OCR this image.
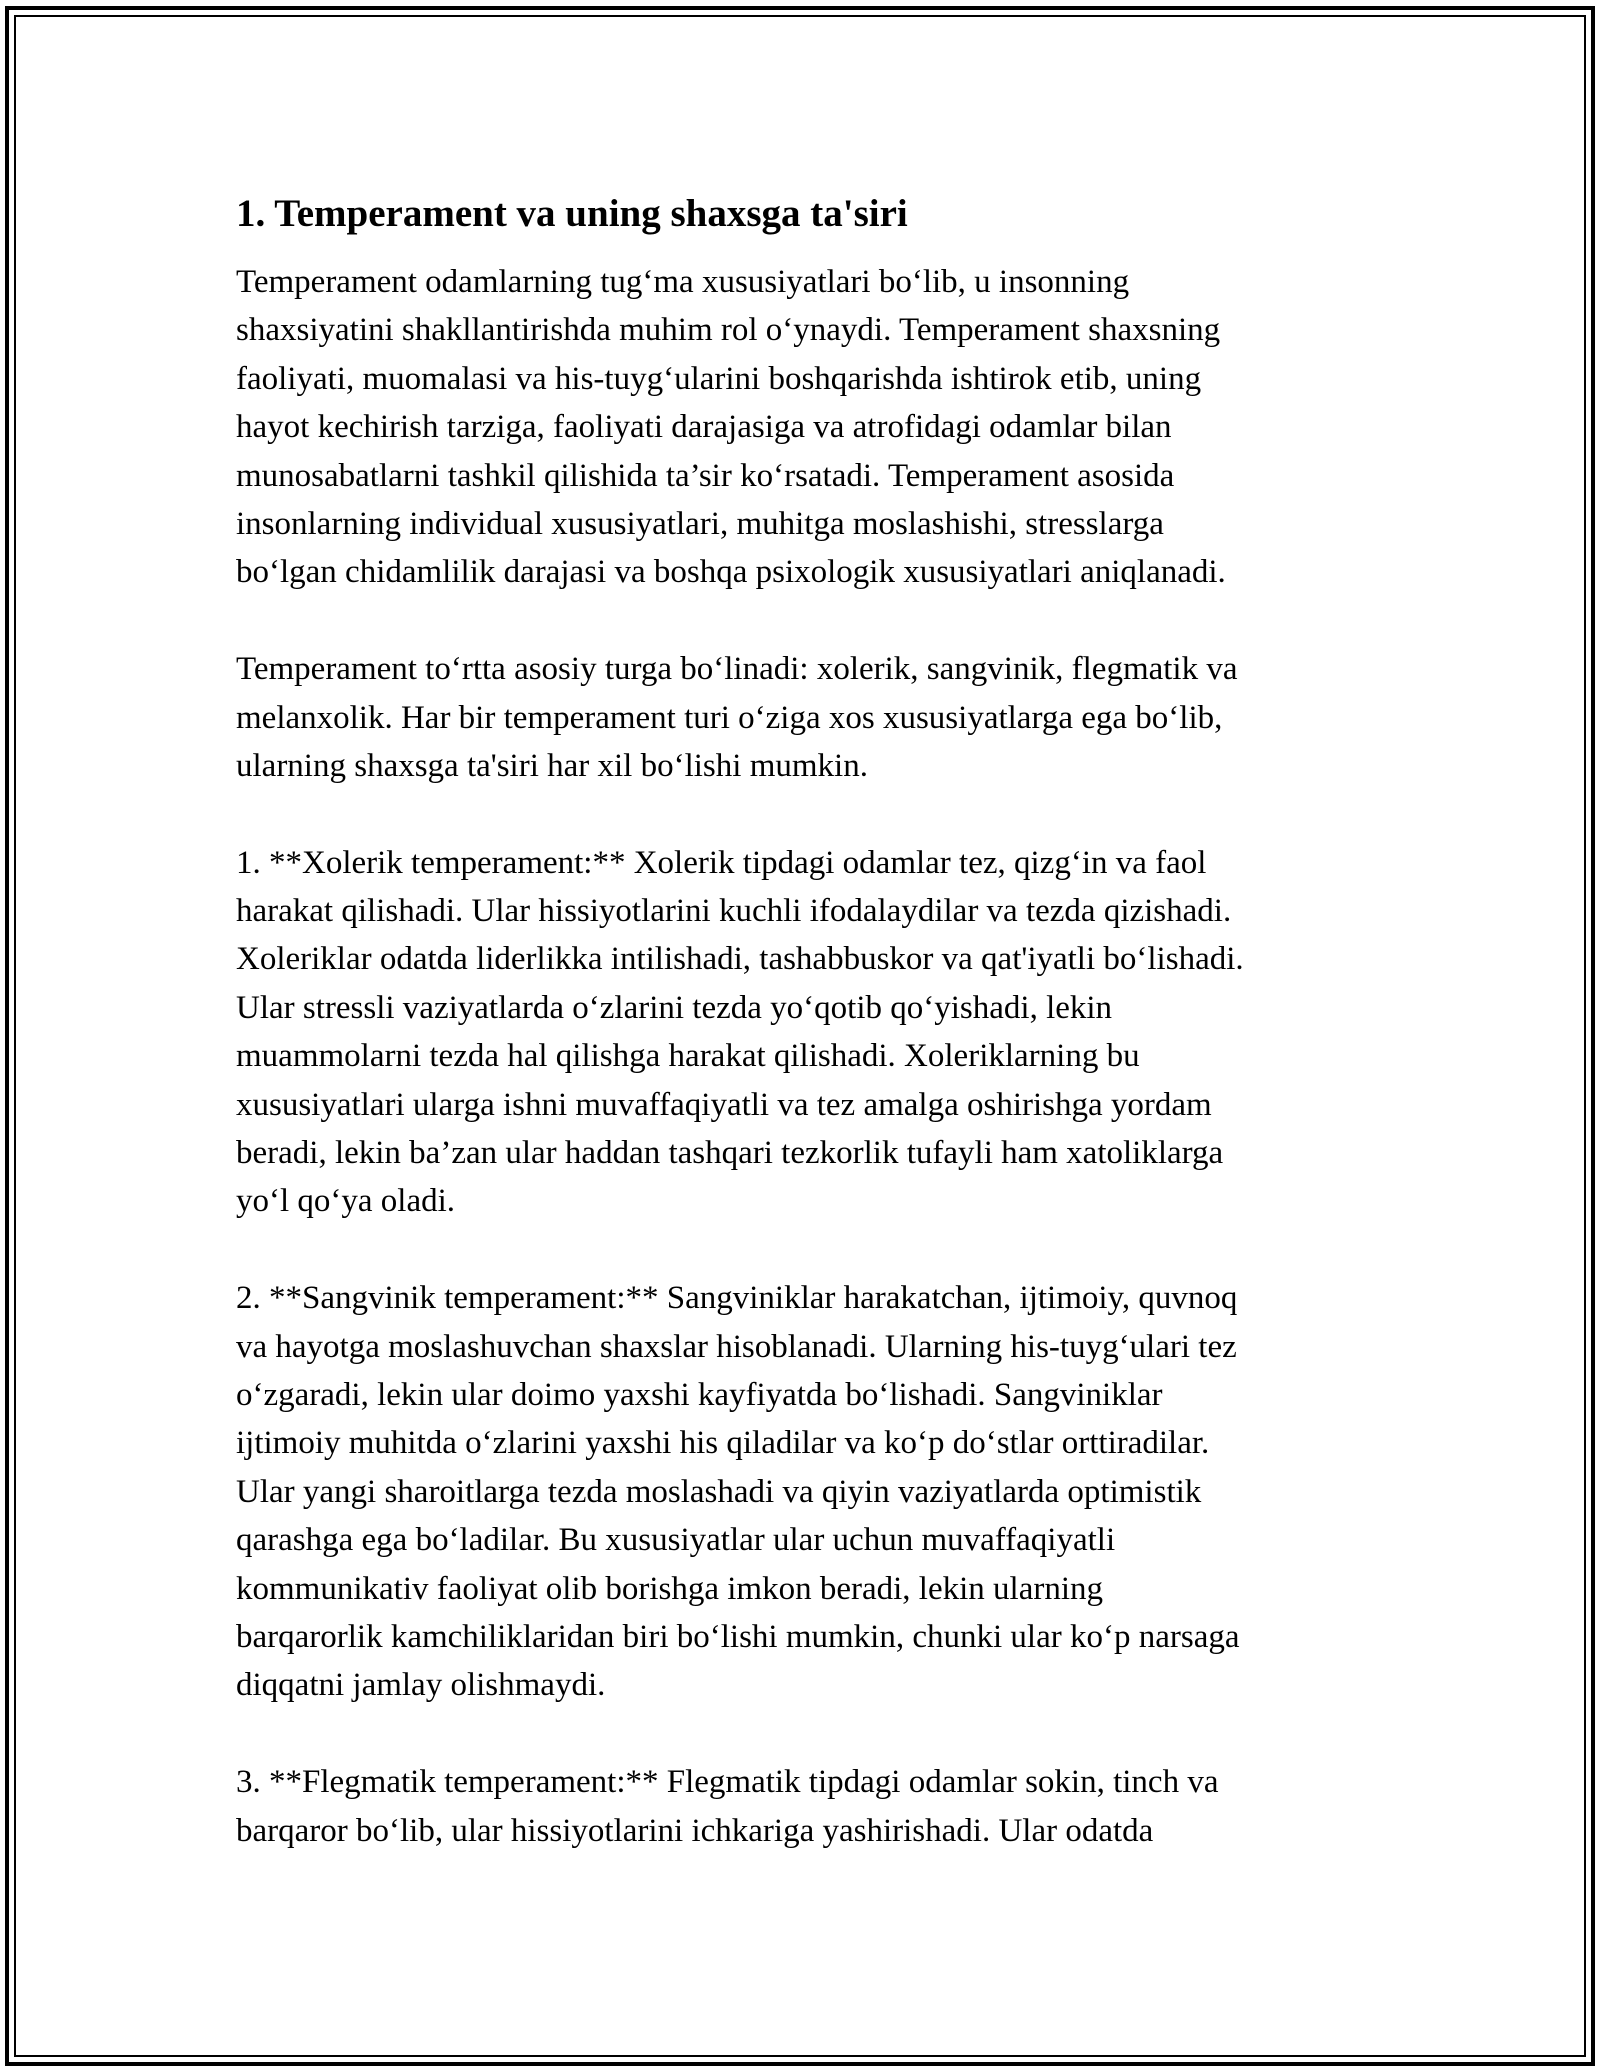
1. Temperament va uning shaxsga ta'siri
Temperament odamlarning tug‘ma xususiyatlari bo‘lib, u insonning
shaxsiyatini shakllantirishda muhim rol o‘ynaydi. Temperament shaxsning
faoliyati, muomalasi va his-tuyg‘ularini boshqarishda ishtirok etib, uning
hayot kechirish tarziga, faoliyati darajasiga va atrofidagi odamlar bilan
munosabatlarni tashkil qilishida ta’sir ko‘rsatadi. Temperament asosida
insonlarning individual xususiyatlari, muhitga moslashishi, stresslarga
bo‘lgan chidamlilik darajasi va boshqa psixologik xususiyatlari aniqlanadi.
Temperament to‘rtta asosiy turga bo‘linadi: xolerik, sangvinik, flegmatik va
melanxolik. Har bir temperament turi o‘ziga xos xususiyatlarga ega bo‘lib,
ularning shaxsga ta'siri har xil bo‘lishi mumkin.
1. **Xolerik temperament:** Xolerik tipdagi odamlar tez, qizg‘in va faol
harakat qilishadi. Ular hissiyotlarini kuchli ifodalaydilar va tezda qizishadi.
Xoleriklar odatda liderlikka intilishadi, tashabbuskor va qat'iyatli bo‘lishadi.
Ular stressli vaziyatlarda o‘zlarini tezda yo‘qotib qo‘yishadi, lekin
muammolarni tezda hal qilishga harakat qilishadi. Xoleriklarning bu
xususiyatlari ularga ishni muvaffaqiyatli va tez amalga oshirishga yordam
beradi, lekin ba’zan ular haddan tashqari tezkorlik tufayli ham xatoliklarga
yo‘l qo‘ya oladi.
2. **Sangvinik temperament:** Sangviniklar harakatchan, ijtimoiy, quvnoq
va hayotga moslashuvchan shaxslar hisoblanadi. Ularning his-tuyg‘ulari tez
o‘zgaradi, lekin ular doimo yaxshi kayfiyatda bo‘lishadi. Sangviniklar
ijtimoiy muhitda o‘zlarini yaxshi his qiladilar va ko‘p do‘stlar orttiradilar.
Ular yangi sharoitlarga tezda moslashadi va qiyin vaziyatlarda optimistik
qarashga ega bo‘ladilar. Bu xususiyatlar ular uchun muvaffaqiyatli
kommunikativ faoliyat olib borishga imkon beradi, lekin ularning
barqarorlik kamchiliklaridan biri bo‘lishi mumkin, chunki ular ko‘p narsaga
diqqatni jamlay olishmaydi.
3. **Flegmatik temperament:** Flegmatik tipdagi odamlar sokin, tinch va
barqaror bo‘lib, ular hissiyotlarini ichkariga yashirishadi. Ular odatda
